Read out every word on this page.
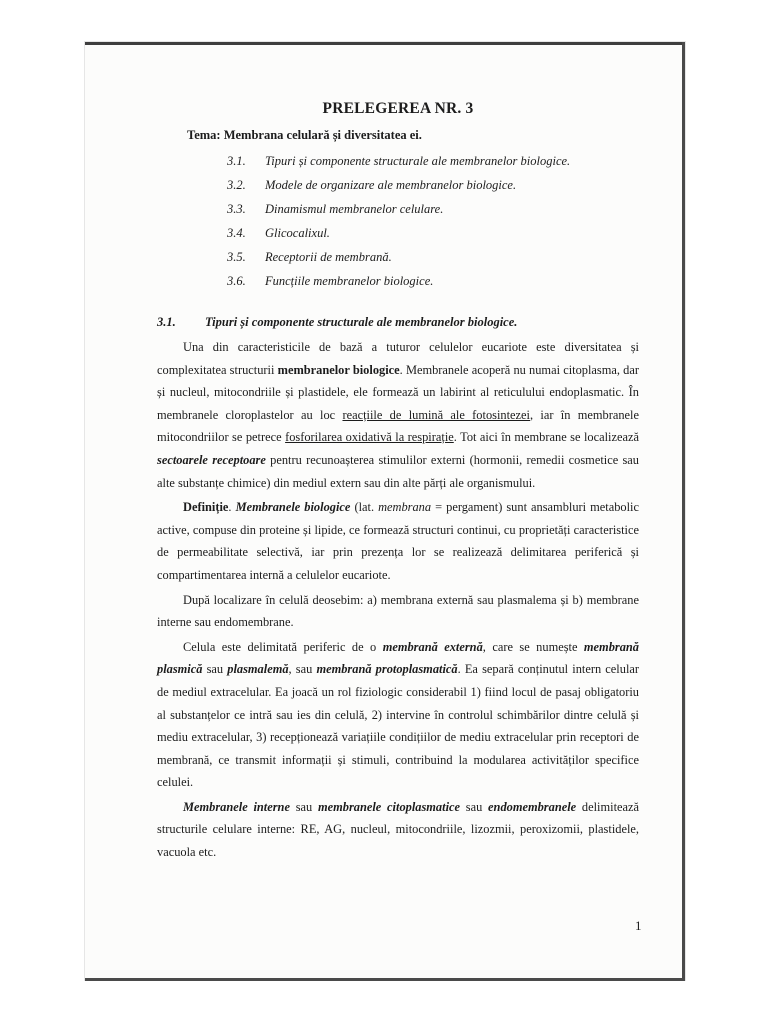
PRELEGEREA NR. 3
Tema: Membrana celulară și diversitatea ei.
3.1.	Tipuri și componente structurale ale membranelor biologice.
3.2.	Modele de organizare ale membranelor biologice.
3.3.	Dinamismul membranelor celulare.
3.4.	Glicocalixul.
3.5.	Receptorii de membrană.
3.6.	Funcțiile membranelor biologice.
3.1.	Tipuri și componente structurale ale membranelor biologice.

Una din caracteristicile de bază a tuturor celulelor eucariote este diversitatea și complexitatea structurii membranelor biologice. Membranele acoperă nu numai citoplasma, dar și nucleul, mitocondriile și plastidele, ele formează un labirint al reticulului endoplasmatic. În membranele cloroplastelor au loc reacțiile de lumină ale fotosintezei, iar în membranele mitocondriilor se petrece fosforilarea oxidativă la respirație. Tot aici în membrane se localizează sectoarele receptoare pentru recunoașterea stimulilor externi (hormonii, remedii cosmetice sau alte substanțe chimice) din mediul extern sau din alte părți ale organismului.

Definiție. Membranele biologice (lat. membrana = pergament) sunt ansambluri metabolic active, compuse din proteine și lipide, ce formează structuri continui, cu proprietăți caracteristice de permeabilitate selectivă, iar prin prezența lor se realizează delimitarea periferică și compartimentarea internă a celulelor eucariote.

După localizare în celulă deosebim: a) membrana externă sau plasmalema și b) membrane interne sau endomembrane.

Celula este delimitată periferic de o membrană externă, care se numește membrană plasmică sau plasmalemă, sau membrană protoplasmatică. Ea separă conținutul intern celular de mediul extracelular. Ea joacă un rol fiziologic considerabil 1) fiind locul de pasaj obligatoriu al substanțelor ce intră sau ies din celulă, 2) intervine în controlul schimbărilor dintre celulă și mediu extracelular, 3) recepționează variațiile condițiilor de mediu extracelular prin receptori de membrană, ce transmit informații și stimuli, contribuind la modularea activităților specifice celulei.

Membranele interne sau membranele citoplasmatice sau endomembranele delimitează structurile celulare interne: RE, AG, nucleul, mitocondriile, lizozmii, peroxizomii, plastidele, vacuola etc.

1
